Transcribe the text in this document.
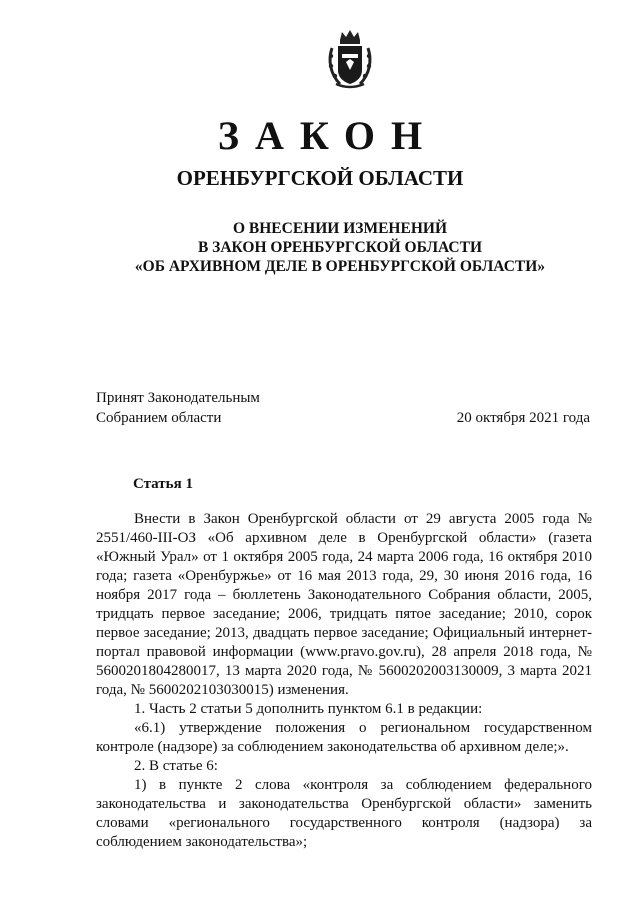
ЗАКОН
ОРЕНБУРГСКОЙ ОБЛАСТИ
О ВНЕСЕНИИ ИЗМЕНЕНИЙ
В ЗАКОН ОРЕНБУРГСКОЙ ОБЛАСТИ
«ОБ АРХИВНОМ ДЕЛЕ В ОРЕНБУРГСКОЙ ОБЛАСТИ»
Принят Законодательным
Собранием области	20 октября 2021 года
Статья 1

Внести в Закон Оренбургской области от 29 августа 2005 года № 2551/460-III-ОЗ «Об архивном деле в Оренбургской области» (газета «Южный Урал» от 1 октября 2005 года, 24 марта 2006 года, 16 октября 2010 года; газета «Оренбуржье» от 16 мая 2013 года, 29, 30 июня 2016 года, 16 ноября 2017 года – бюллетень Законодательного Собрания области, 2005, тридцать первое заседание; 2006, тридцать пятое заседание; 2010, сорок первое заседание; 2013, двадцать первое заседание; Официальный интернет-портал правовой информации (www.pravo.gov.ru), 28 апреля 2018 года, № 5600201804280017, 13 марта 2020 года, № 5600202003130009, 3 марта 2021 года, № 5600202103030015) изменения.

1. Часть 2 статьи 5 дополнить пунктом 6.1 в редакции:

«6.1) утверждение положения о региональном государственном контроле (надзоре) за соблюдением законодательства об архивном деле;».

2. В статье 6:

1) в пункте 2 слова «контроля за соблюдением федерального законодательства и законодательства Оренбургской области» заменить словами «регионального государственного контроля (надзора) за соблюдением законодательства»;
